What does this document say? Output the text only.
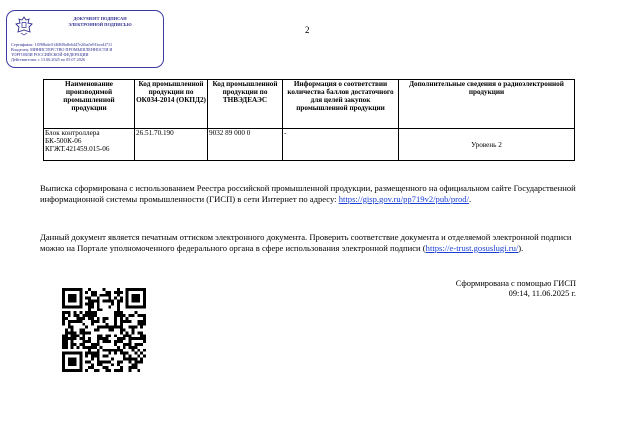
ДОКУМЕНТ ПОДПИСАН
ЭЛЕКТРОННОЙ ПОДПИСЬЮ
Сертификат: 1f598bdef1f468f9a8e6447e2fba5e91bce4f711
Владелец: МИНИСТЕРСТВО ПРОМЫШЛЕННОСТИ И
ТОРГОВЛИ РОССИЙСКОЙ ФЕДЕРАЦИИ
Действителен: с 13.06.2025 по 05.07.2026
2
Наименование производимой промышленной продукции	Код промышленной продукции по ОК034-2014 (ОКПД2)	Код промышленной продукции по ТНВЭДЕАЭС	Информация о соответствии количества баллов достаточного для целей закупок промышленной продукции	Дополнительные сведения о радиоэлектронной продукции
Блок контроллера БК-500К-06 КГЖТ.421459.015-06	26.51.70.190	9032 89 000 0	-	Уровень 2
Выписка сформирована с использованием Реестра российской промышленной продукции, размещенного на официальном сайте Государственной информационной системы промышленности (ГИСП) в сети Интернет по адресу: https://gisp.gov.ru/pp719v2/pub/prod/.
Данный документ является печатным оттиском электронного документа. Проверить соответствие документа и отделяемой электронной подписи можно на Портале уполномоченного федерального органа в сфере использования электронной подписи (https://e-trust.gosuslugi.ru/).
Сформирована с помощью ГИСП
09:14, 11.06.2025 г.
